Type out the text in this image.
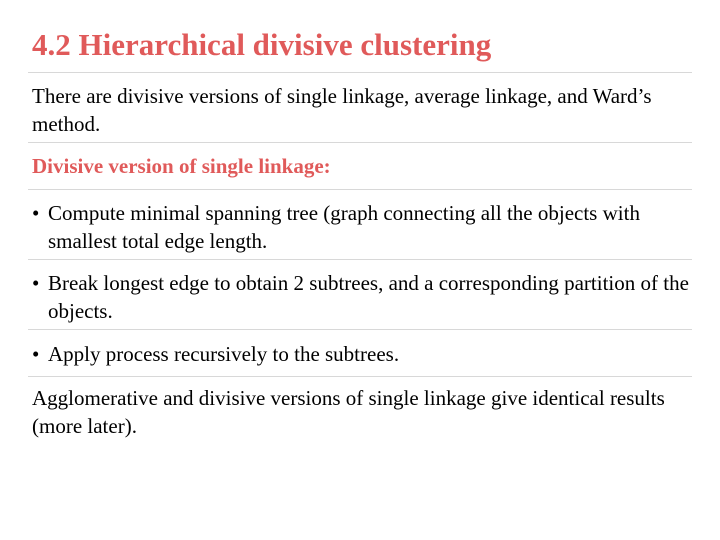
4.2 Hierarchical divisive clustering

There are divisive versions of single linkage, average linkage, and Ward’s method.

Divisive version of single linkage:

• Compute minimal spanning tree (graph connecting all the objects with smallest total edge length.
• Break longest edge to obtain 2 subtrees, and a corresponding partition of the objects.
• Apply process recursively to the subtrees.

Agglomerative and divisive versions of single linkage give identical results (more later).
